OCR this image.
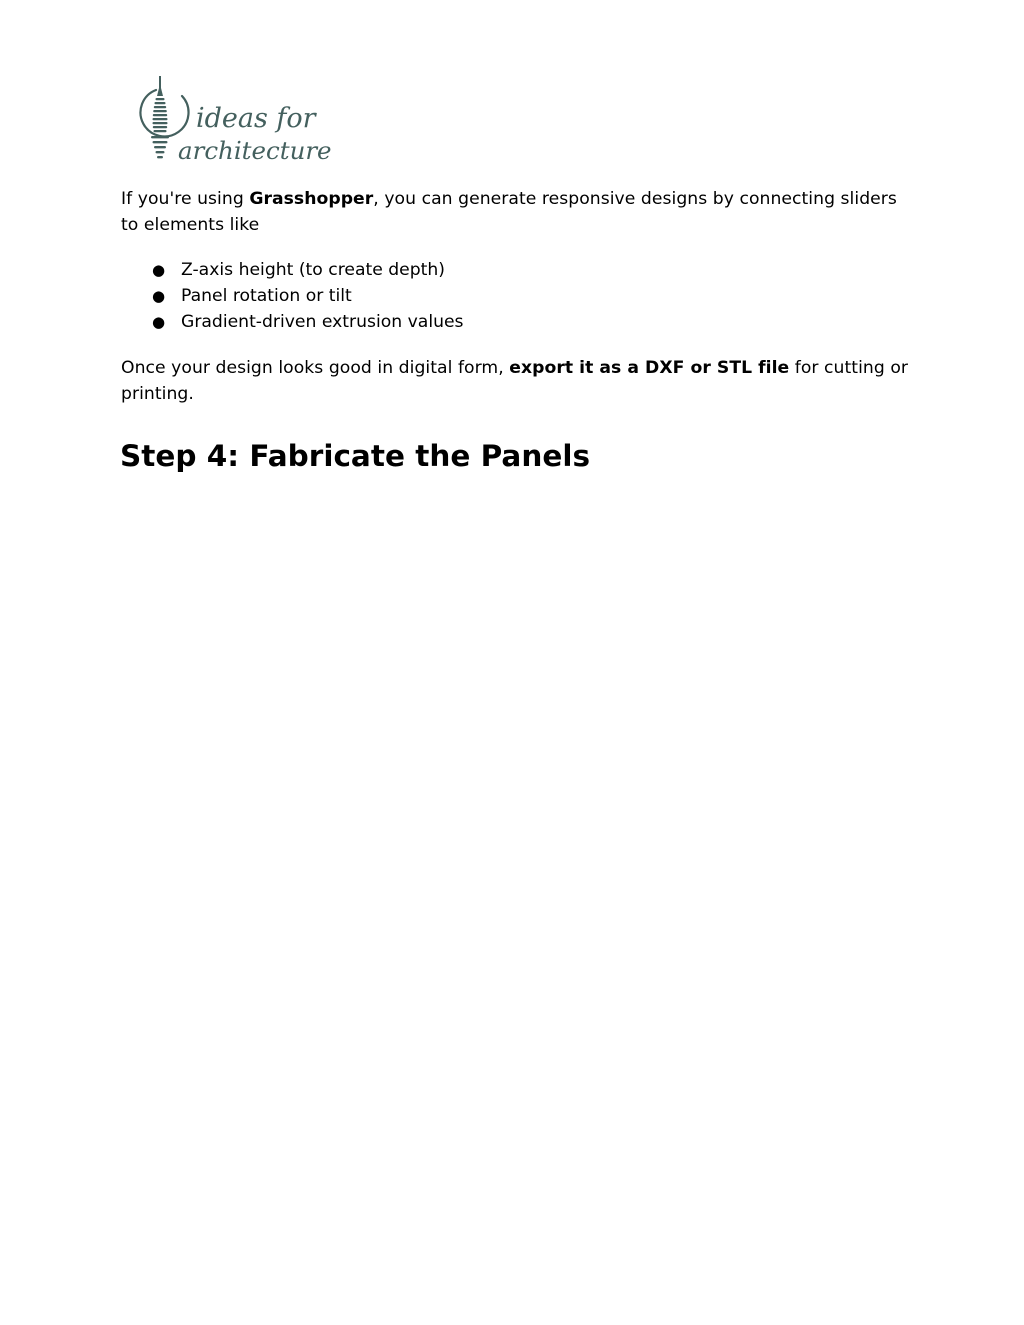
ideas for
architecture

If you're using Grasshopper, you can generate responsive designs by connecting sliders to elements like

● Z-axis height (to create depth)
● Panel rotation or tilt
● Gradient-driven extrusion values

Once your design looks good in digital form, export it as a DXF or STL file for cutting or printing.

Step 4: Fabricate the Panels
